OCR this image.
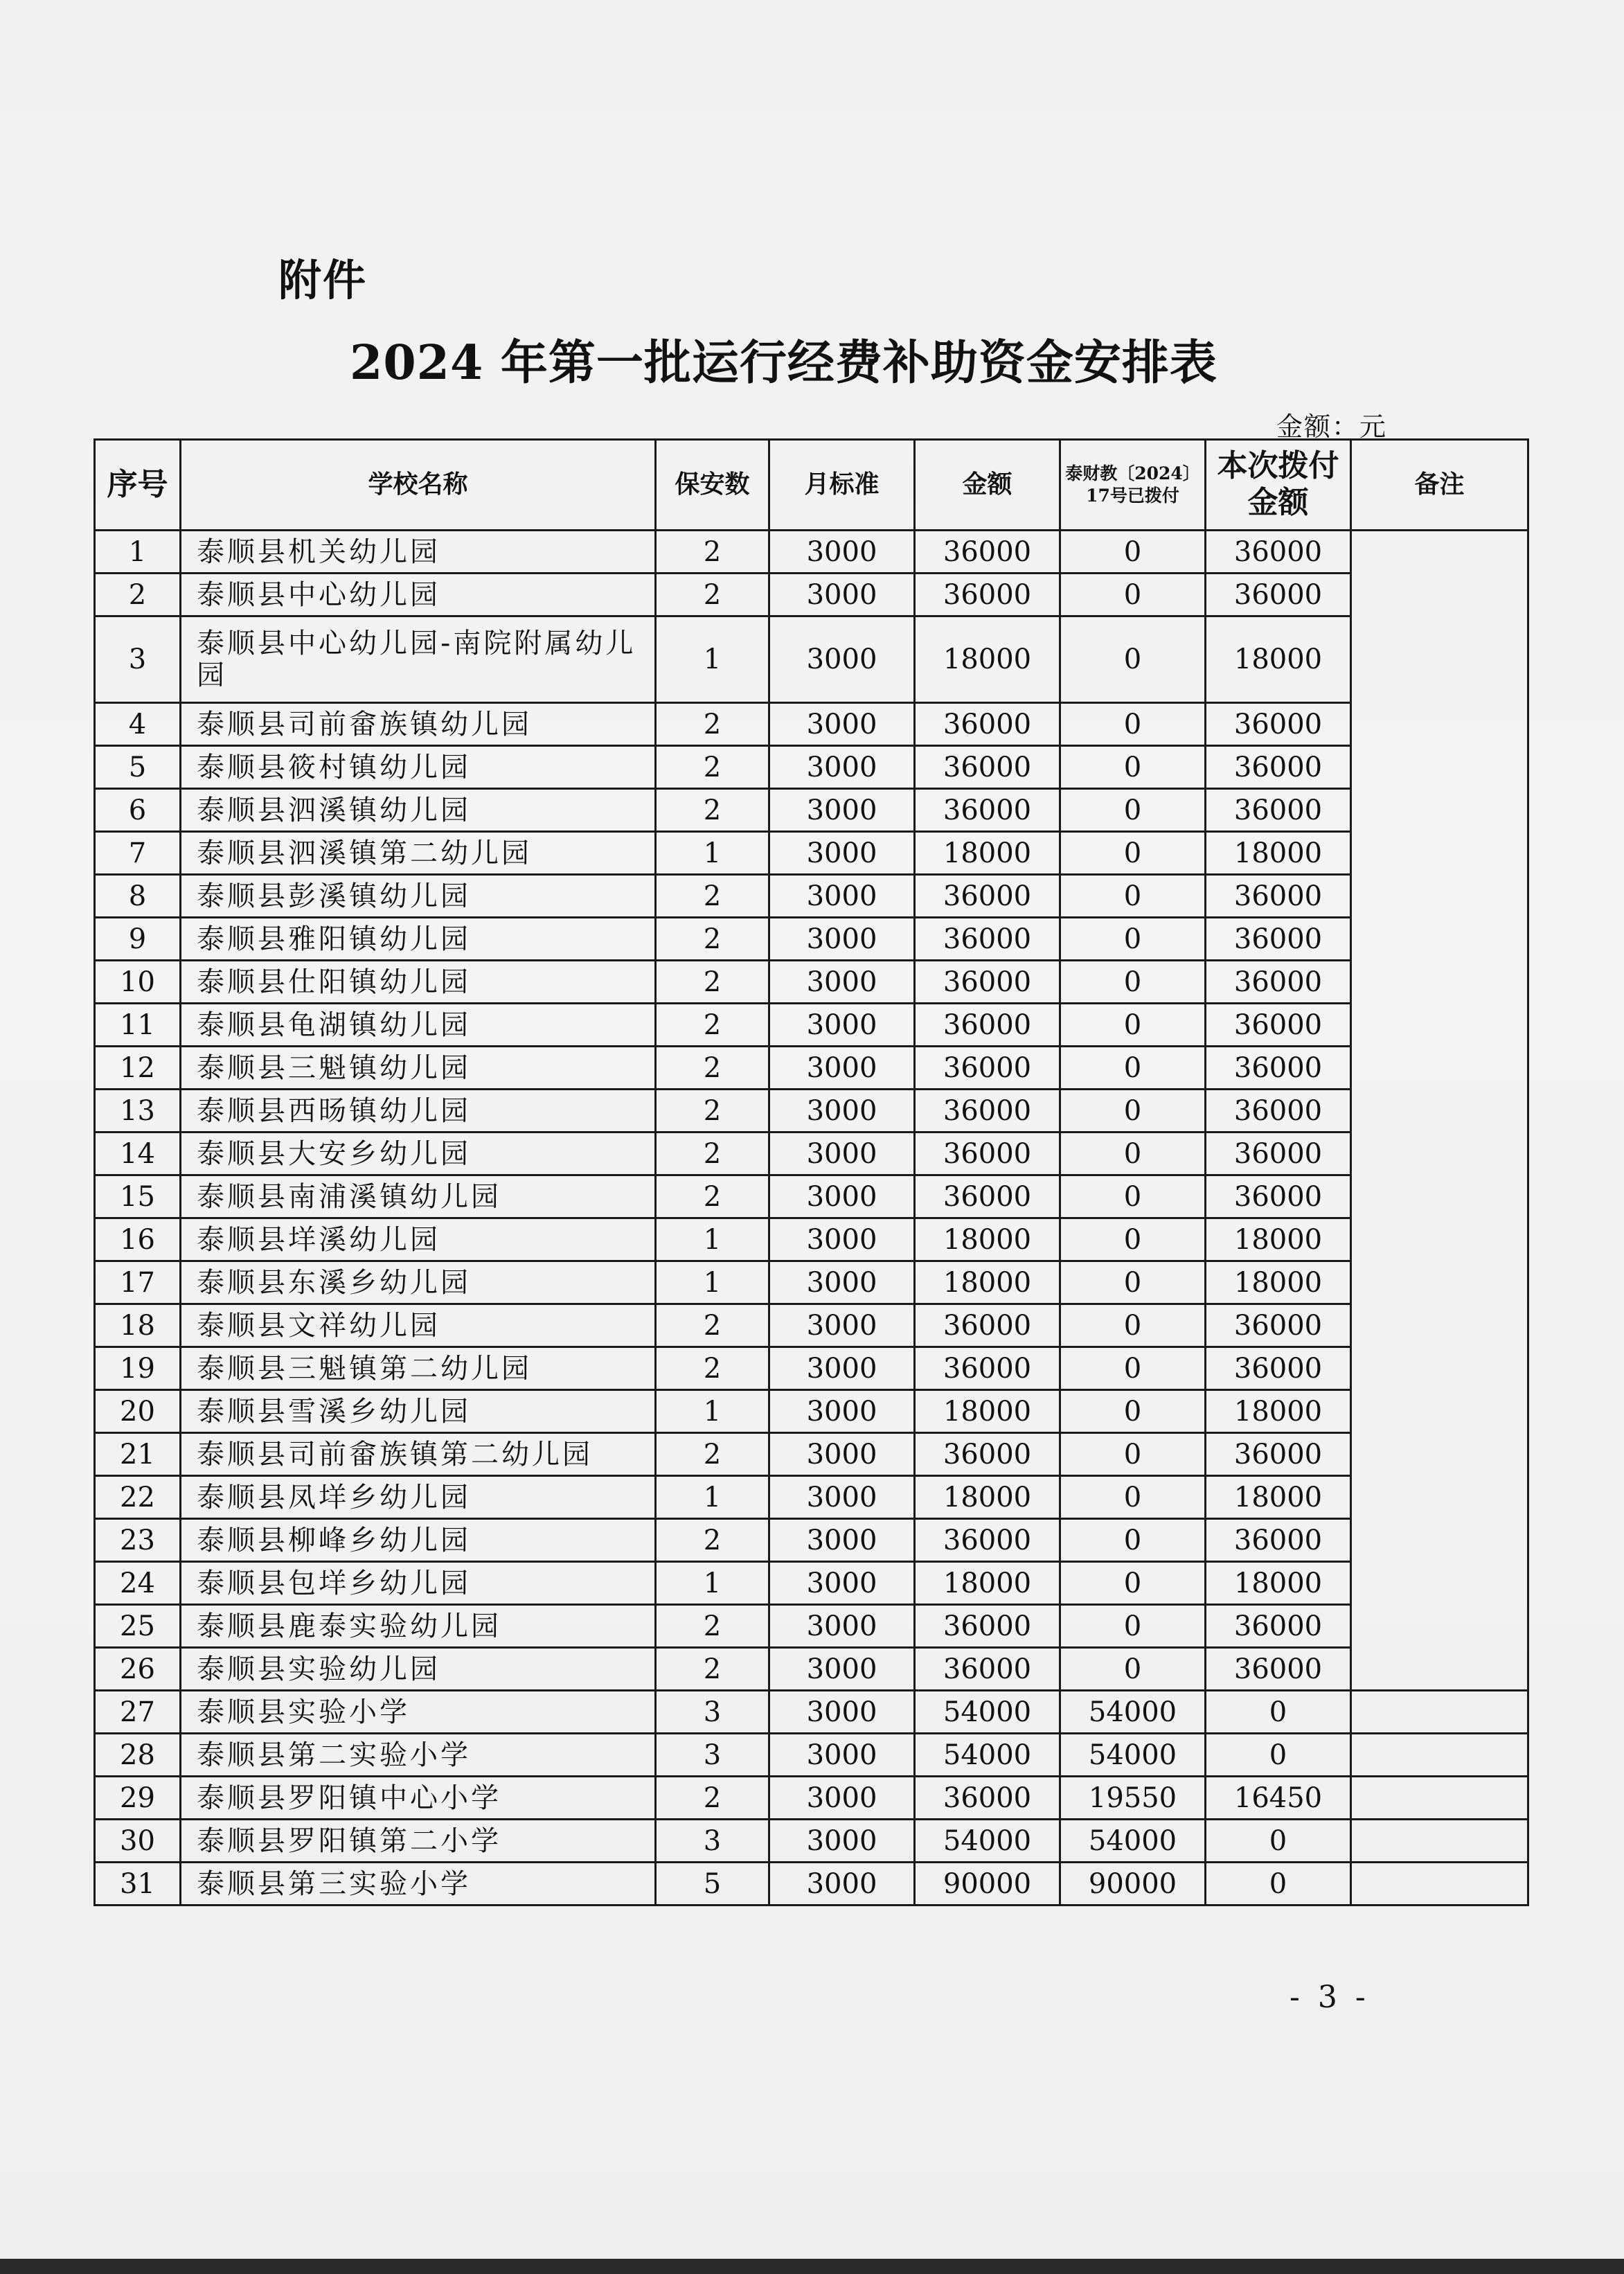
附件
2024 年第一批运行经费补助资金安排表
金额：元
序号	学校名称	保安数	月标准	金额	泰财教〔2024〕17号已拨付	本次拨付金额	备注
1	泰顺县机关幼儿园	2	3000	36000	0	36000	
2	泰顺县中心幼儿园	2	3000	36000	0	36000	
3	泰顺县中心幼儿园-南院附属幼儿园	1	3000	18000	0	18000	
4	泰顺县司前畲族镇幼儿园	2	3000	36000	0	36000	
5	泰顺县筱村镇幼儿园	2	3000	36000	0	36000	
6	泰顺县泗溪镇幼儿园	2	3000	36000	0	36000	
7	泰顺县泗溪镇第二幼儿园	1	3000	18000	0	18000	
8	泰顺县彭溪镇幼儿园	2	3000	36000	0	36000	
9	泰顺县雅阳镇幼儿园	2	3000	36000	0	36000	
10	泰顺县仕阳镇幼儿园	2	3000	36000	0	36000	
11	泰顺县龟湖镇幼儿园	2	3000	36000	0	36000	
12	泰顺县三魁镇幼儿园	2	3000	36000	0	36000	
13	泰顺县西旸镇幼儿园	2	3000	36000	0	36000	
14	泰顺县大安乡幼儿园	2	3000	36000	0	36000	
15	泰顺县南浦溪镇幼儿园	2	3000	36000	0	36000	
16	泰顺县垟溪幼儿园	1	3000	18000	0	18000	
17	泰顺县东溪乡幼儿园	1	3000	18000	0	18000	
18	泰顺县文祥幼儿园	2	3000	36000	0	36000	
19	泰顺县三魁镇第二幼儿园	2	3000	36000	0	36000	
20	泰顺县雪溪乡幼儿园	1	3000	18000	0	18000	
21	泰顺县司前畲族镇第二幼儿园	2	3000	36000	0	36000	
22	泰顺县凤垟乡幼儿园	1	3000	18000	0	18000	
23	泰顺县柳峰乡幼儿园	2	3000	36000	0	36000	
24	泰顺县包垟乡幼儿园	1	3000	18000	0	18000	
25	泰顺县鹿泰实验幼儿园	2	3000	36000	0	36000	
26	泰顺县实验幼儿园	2	3000	36000	0	36000	
27	泰顺县实验小学	3	3000	54000	54000	0	
28	泰顺县第二实验小学	3	3000	54000	54000	0	
29	泰顺县罗阳镇中心小学	2	3000	36000	19550	16450	
30	泰顺县罗阳镇第二小学	3	3000	54000	54000	0	
31	泰顺县第三实验小学	5	3000	90000	90000	0	
- 3 -
